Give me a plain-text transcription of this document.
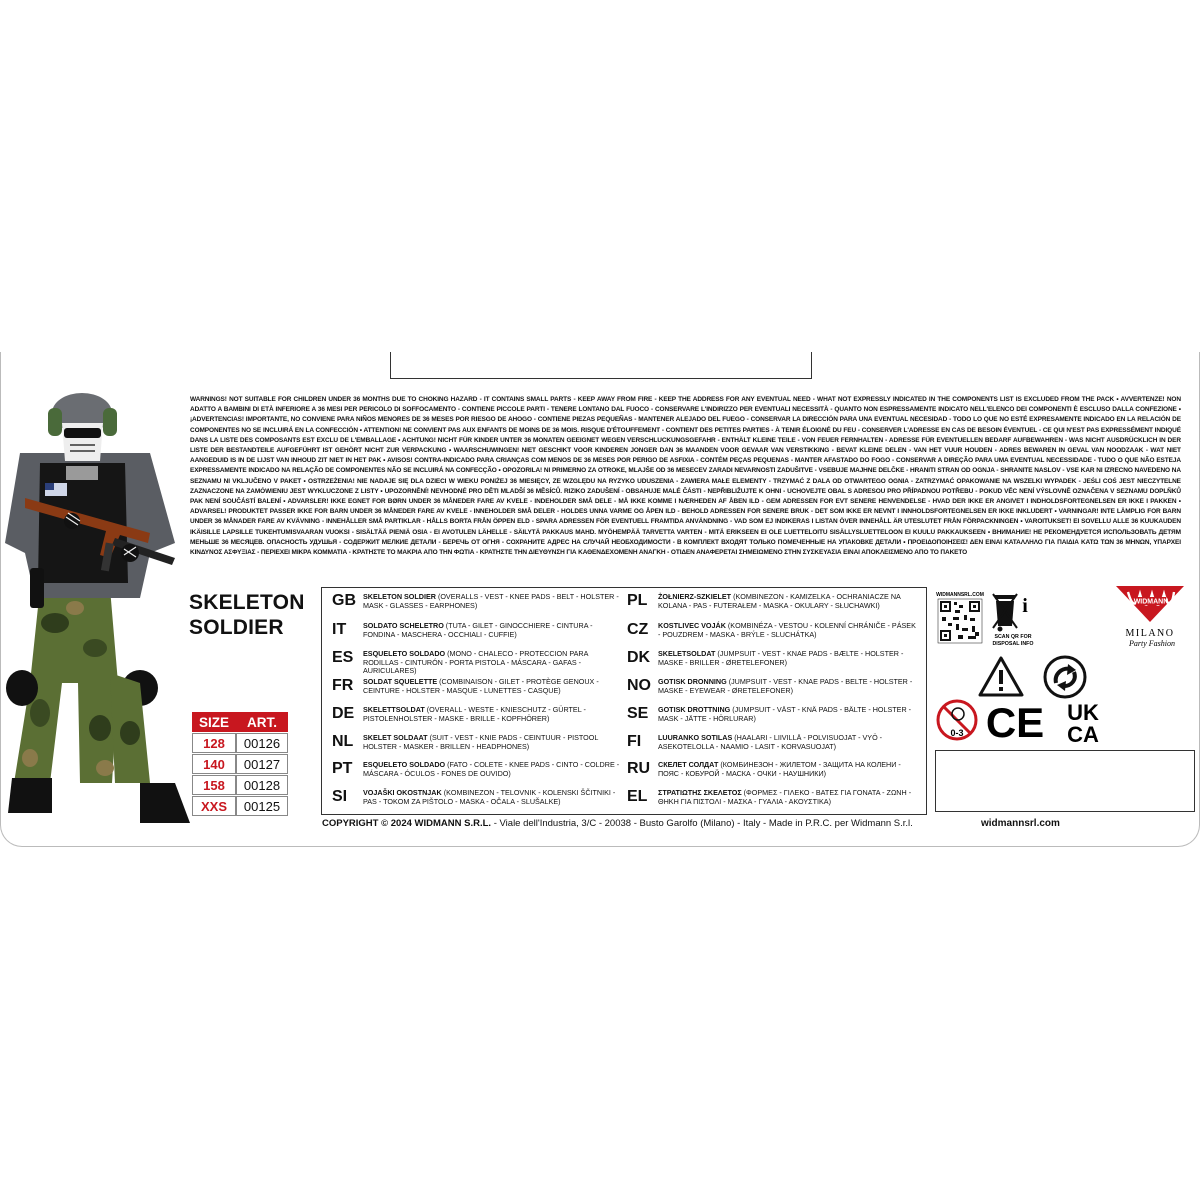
WARNINGS! NOT SUITABLE FOR CHILDREN UNDER 36 MONTHS DUE TO CHOKING HAZARD - IT CONTAINS SMALL PARTS - KEEP AWAY FROM FIRE - KEEP THE ADDRESS FOR ANY EVENTUAL NEED - WHAT NOT EXPRESSLY INDICATED IN THE COMPONENTS LIST IS EXCLUDED FROM THE PACK • AVVERTENZE! NON ADATTO A BAMBINI DI ETÀ INFERIORE A 36 MESI PER PERICOLO DI SOFFOCAMENTO - CONTIENE PICCOLE PARTI - TENERE LONTANO DAL FUOCO - CONSERVARE L'INDIRIZZO PER EVENTUALI NECESSITÀ - QUANTO NON ESPRESSAMENTE INDICATO NELL'ELENCO DEI COMPONENTI È ESCLUSO DALLA CONFEZIONE • ¡ADVERTENCIAS! IMPORTANTE, NO CONVIENE PARA NIÑOS MENORES DE 36 MESES POR RIESGO DE AHOGO - CONTIENE PIEZAS PEQUEÑAS - MANTENER ALEJADO DEL FUEGO - CONSERVAR LA DIRECCIÓN PARA UNA EVENTUAL NECESIDAD - TODO LO QUE NO ESTÉ EXPRESAMENTE INDICADO EN LA RELACIÓN DE COMPONENTES NO SE INCLUIRÁ EN LA CONFECCIÓN • ATTENTION! NE CONVIENT PAS AUX ENFANTS DE MOINS DE 36 MOIS. RISQUE D'ÉTOUFFEMENT - CONTIENT DES PETITES PARTIES - À TENIR ÉLOIGNÉ DU FEU - CONSERVER L'ADRESSE EN CAS DE BESOIN ÉVENTUEL - CE QUI N'EST PAS EXPRESSÉMENT INDIQUÉ DANS LA LISTE DES COMPOSANTS EST EXCLU DE L'EMBALLAGE • ACHTUNG! NICHT FÜR KINDER UNTER 36 MONATEN GEEIGNET WEGEN VERSCHLUCKUNGSGEFAHR - ENTHÄLT KLEINE TEILE - VON FEUER FERNHALTEN - ADRESSE FÜR EVENTUELLEN BEDARF AUFBEWAHREN - WAS NICHT AUSDRÜCKLICH IN DER LISTE DER BESTANDTEILE AUFGEFÜHRT IST GEHÖRT NICHT ZUR VERPACKUNG • WAARSCHUWINGEN! NIET GESCHIKT VOOR KINDEREN JONGER DAN 36 MAANDEN VOOR GEVAAR VAN VERSTIKKING - BEVAT KLEINE DELEN - VAN HET VUUR HOUDEN - ADRES BEWAREN IN GEVAL VAN NOODZAAK - WAT NIET AANGEDUID IS IN DE LIJST VAN INHOUD ZIT NIET IN HET PAK • AVISOS! CONTRA-INDICADO PARA CRIANÇAS COM MENOS DE 36 MESES POR PERIGO DE ASFIXIA - CONTÉM PEÇAS PEQUENAS - MANTER AFASTADO DO FOGO - CONSERVAR A DIREÇÃO PARA UMA EVENTUAL NECESSIDADE - TUDO O QUE NÃO ESTEJA EXPRESSAMENTE INDICADO NA RELAÇÃO DE COMPONENTES NÃO SE INCLUIRÁ NA CONFECÇÃO • OPOZORILA! NI PRIMERNO ZA OTROKE, MLAJŠE OD 36 MESECEV ZARADI NEVARNOSTI ZADUŠITVE - VSEBUJE MAJHNE DELČKE - HRANITI STRAN OD OGNJA - SHRANITE NASLOV - VSE KAR NI IZRECNO NAVEDENO NA SEZNAMU NI VKLJUČENO V PAKET • OSTRZEŻENIA! NIE NADAJE SIĘ DLA DZIECI W WIEKU PONIŻEJ 36 MIESIĘCY, ZE WZGLĘDU NA RYZYKO UDUSZENIA - ZAWIERA MAŁE ELEMENTY - TRZYMAĆ Z DALA OD OTWARTEGO OGNIA - ZATRZYMAĆ OPAKOWANIE NA WSZELKI WYPADEK - JEŚLI COŚ JEST NIECZYTELNE ZAZNACZONE NA ZAMÓWIENIU JEST WYKLUCZONE Z LISTY • UPOZORNĚNÍ! NEVHODNÉ PRO DĚTI MLADŠÍ 36 MĚSÍCŮ. RIZIKO ZADUŠENÍ - OBSAHUJE MALÉ ČÁSTI - NEPŘIBLIŽUJTE K OHNI - UCHOVEJTE OBAL S ADRESOU PRO PŘÍPADNOU POTŘEBU - POKUD VĚC NENÍ VÝSLOVNĚ OZNAČENA V SEZNAMU DOPLŇKŮ PAK NENÍ SOUČÁSTÍ BALENÍ • ADVARSLER! IKKE EGNET FOR BØRN UNDER 36 MÅNEDER FARE AV KVELE - INDEHOLDER SMÅ DELE - MÅ IKKE KOMME I NÆRHEDEN AF ÅBEN ILD - GEM ADRESSEN FOR EVT SENERE HENVENDELSE - HVAD DER IKKE ER ANGIVET I INDHOLDSFORTEGNELSEN ER IKKE I PAKKEN • ADVARSEL! PRODUKTET PASSER IKKE FOR BARN UNDER 36 MÅNEDER FARE AV KVELE - INNEHOLDER SMÅ DELER - HOLDES UNNA VARME OG ÅPEN ILD - BEHOLD ADRESSEN FOR SENERE BRUK - DET SOM IKKE ER NEVNT I INNHOLDSFORTEGNELSEN ER IKKE INKLUDERT • VARNINGAR! INTE LÄMPLIG FOR BARN UNDER 36 MÅNADER FARE AV KVÄVNING - INNEHÅLLER SMÅ PARTIKLAR - HÅLLS BORTA FRÅN ÖPPEN ELD - SPARA ADRESSEN FÖR EVENTUELL FRAMTIDA ANVÄNDNING - VAD SOM EJ INDIKERAS I LISTAN ÖVER INNEHÅLL ÄR UTESLUTET FRÅN FÖRPACKNINGEN • VAROITUKSET! EI SOVELLU ALLE 36 KUUKAUDEN IKÄISILLE LAPSILLE TUKEHTUMISVAARAN VUOKSI - SISÄLTÄÄ PIENIÄ OSIA - EI AVOTULEN LÄHELLE - SÄILYTÄ PAKKAUS MAHD. MYÖHEMPÄÄ TARVETTA VARTEN - MITÄ ERIKSEEN EI OLE LUETTELOITU SISÄLLYSLUETTELOON EI KUULU PAKKAUKSEEN • ВНИМАНИЕ! НЕ РЕКОМЕНДУЕТСЯ ИСПОЛЬЗОВАТЬ ДЕТЯМ МЕНЬШЕ 36 МЕСЯЦЕВ. ОПАСНОСТЬ УДУШЬЯ - СОДЕРЖИТ МЕЛКИЕ ДЕТАЛИ - БЕРЕЧЬ ОТ ОГНЯ - СОХРАНИТЕ АДРЕС НА СЛУЧАЙ НЕОБХОДИМОСТИ - В КОМПЛЕКТ ВХОДЯТ ТОЛЬКО ПОМЕЧЕННЫЕ НА УПАКОВКЕ ДЕТАЛИ • ΠΡΟΕΙΔΟΠΟΙΗΣΕΙΣ! ΔΕΝ ΕΙΝΑΙ ΚΑΤΑΛΛΗΛΟ ΓΙΑ ΠΑΙΔΙΑ ΚΑΤΩ ΤΩΝ 36 ΜΗΝΩΝ, ΥΠΑΡΧΕΙ ΚΙΝΔΥΝΟΣ ΑΣΦΥΞΙΑΣ - ΠΕΡΙΕΧΕΙ ΜΙΚΡΑ ΚΟΜΜΑΤΙΑ - ΚΡΑΤΗΣΤΕ ΤΟ ΜΑΚΡΙΑ ΑΠΟ ΤΗΝ ΦΩΤΙΑ - ΚΡΑΤΗΣΤΕ ΤΗΝ ΔΙΕΥΘΥΝΣΗ ΓΙΑ ΚΑΘΕΝΔΕΧΟΜΕΝΗ ΑΝΑΓΚΗ - ΟΤΙΔΕΝ ΑΝΑΦΕΡΕΤΑΙ ΣΗΜΕΙΩΜΕΝΟ ΣΤΗΝ ΣΥΣΚΕΥΑΣΙΑ ΕΙΝΑΙ ΑΠΟΚΛΕΙΣΜΕΝΟ ΑΠΟ ΤΟ ΠΑΚΕΤΟ
SKELETON
SOLDIER
SIZE	ART.
128	00126
140	00127
158	00128
XXS	00125
GB SKELETON SOLDIER (OVERALLS - VEST - KNEE PADS - BELT - HOLSTER - MASK - GLASSES - EARPHONES)
IT	SOLDATO SCHELETRO (TUTA - GILET - GINOCCHIERE - CINTURA - FONDINA - MASCHERA - OCCHIALI - CUFFIE)
ES	ESQUELETO SOLDADO (MONO - CHALECO - PROTECCION PARA RODILLAS - CINTURÓN - PORTA PISTOLA - MÁSCARA - GAFAS - AURICULARES)
FR	SOLDAT SQUELETTE (COMBINAISON - GILET - PROTÈGE GENOUX - CEINTURE - HOLSTER - MASQUE - LUNETTES - CASQUE)
DE	SKELETTSOLDAT (OVERALL - WESTE - KNIESCHUTZ - GÜRTEL - PISTOLENHOLSTER - MASKE - BRILLE - KOPFHÖRER)
NL	SKELET SOLDAAT (SUIT - VEST - KNIE PADS - CEINTUUR - PISTOOL HOLSTER - MASKER - BRILLEN - HEADPHONES)
PT	ESQUELETO SOLDADO (FATO - COLETE - KNEE PADS - CINTO - COLDRE - MÁSCARA - ÓCULOS - FONES DE OUVIDO)
SI	VOJAŠKI OKOSTNJAK (KOMBINEZON - TELOVNIK - KOLENSKI ŠČITNIKI - PAS - TOKOM ZA PIŠTOLO - MASKA - OČALA - SLUŠALKE)
PL	ŻOŁNIERZ-SZKIELET (KOMBINEZON - KAMIZELKA - OCHRANIACZE NA KOLANA - PAS - FUTERAŁEM - MASKA - OKULARY - SŁUCHAWKI)
CZ	KOSTLIVEC VOJÁK (KOMBINÉZA - VESTOU - KOLENNÍ CHRÁNIČE - PÁSEK - POUZDREM - MASKA - BRÝLE - SLUCHÁTKA)
DK	SKELETSOLDAT (JUMPSUIT - VEST - KNAE PADS - BÆLTE - HOLSTER - MASKE - BRILLER - ØRETELEFONER)
NO GOTISK DRONNING (JUMPSUIT - VEST - KNAE PADS - BELTE - HOLSTER - MASKE - EYEWEAR - ØRETELEFONER)
SE	GOTISK DROTTNING (JUMPSUIT - VÄST - KNÄ PADS - BÄLTE - HOLSTER - MASK - JÄTTE - HÖRLURAR)
FI	LUURANKO SOTILAS (HAALARI - LIIVILLÄ - POLVISUOJAT - VYÖ - ASEKOTELOLLA - NAAMIO - LASIT - KORVASUOJAT)
RU	СКЕЛЕТ СОЛДАТ (КОМБИНЕЗОН - ЖИЛЕТОМ - ЗАЩИТА НА КОЛЕНИ - ПОЯС - КОБУРОЙ - МАСКА - ОЧКИ - НАУШНИКИ)
EL	ΣΤΡΑΤΙΩΤΗΣ ΣΚΕΛΕΤΟΣ (ΦΟΡΜΕΣ - ΓΙΛΕΚΟ - ΒΑΤΕΣ ΓΙΑ ΓΟΝΑΤΑ - ΖΩΝΗ - ΘΗΚΗ ΓΙΑ ΠΙΣΤΟΛΙ - ΜΑΣΚΑ - ΓΥΑΛΙΑ - ΑΚΟΥΣΤΙΚΑ)
COPYRIGHT © 2024 WIDMANN S.R.L. - Viale dell'Industria, 3/C - 20038 - Busto Garolfo (Milano) - Italy - Made in P.R.C. per Widmann S.r.l.	widmannsrl.com
WIDMANNSRL.COM i
SCAN QR FOR
DISPOSAL INFO
WIDMANN
MILANO
Party Fashion
0-3 CE UK
CA
